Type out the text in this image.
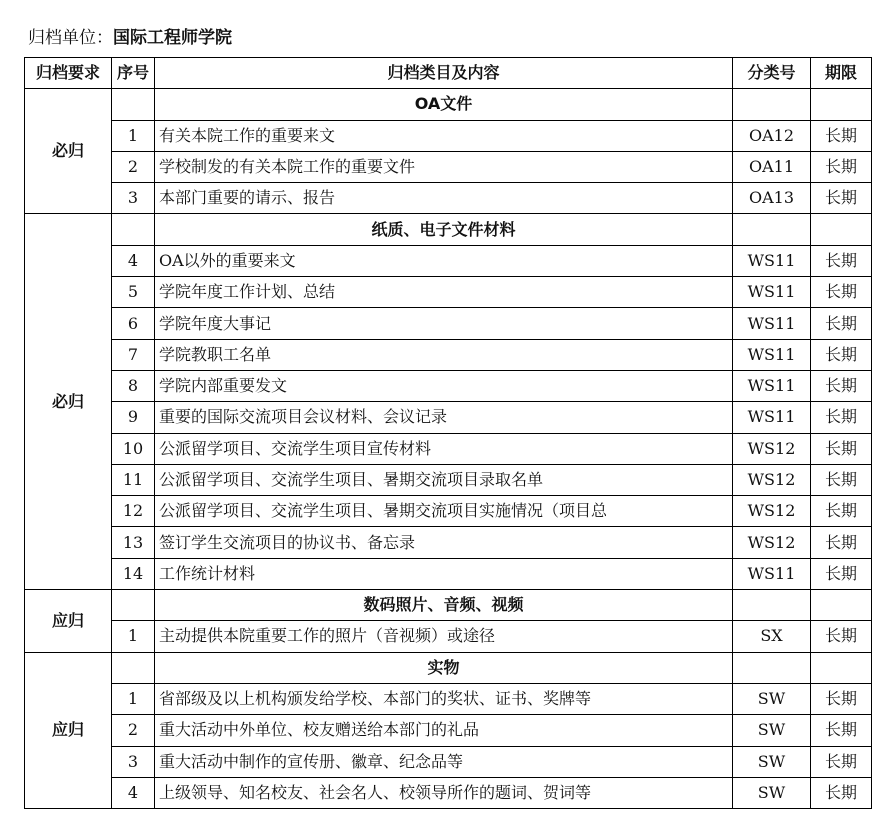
归档单位：国际工程师学院
归档要求	序号	归档类目及内容	分类号	期限
必归		OA文件		
	1	有关本院工作的重要来文	OA12	长期
	2	学校制发的有关本院工作的重要文件	OA11	长期
	3	本部门重要的请示、报告	OA13	长期
必归		纸质、电子文件材料		
	4	OA以外的重要来文	WS11	长期
	5	学院年度工作计划、总结	WS11	长期
	6	学院年度大事记	WS11	长期
	7	学院教职工名单	WS11	长期
	8	学院内部重要发文	WS11	长期
	9	重要的国际交流项目会议材料、会议记录	WS11	长期
	10	公派留学项目、交流学生项目宣传材料	WS12	长期
	11	公派留学项目、交流学生项目、暑期交流项目录取名单	WS12	长期
	12	公派留学项目、交流学生项目、暑期交流项目实施情况（项目总	WS12	长期
	13	签订学生交流项目的协议书、备忘录	WS12	长期
	14	工作统计材料	WS11	长期
应归		数码照片、音频、视频		
	1	主动提供本院重要工作的照片（音视频）或途径	SX	长期
应归		实物		
	1	省部级及以上机构颁发给学校、本部门的奖状、证书、奖牌等	SW	长期
	2	重大活动中外单位、校友赠送给本部门的礼品	SW	长期
	3	重大活动中制作的宣传册、徽章、纪念品等	SW	长期
	4	上级领导、知名校友、社会名人、校领导所作的题词、贺词等	SW	长期
